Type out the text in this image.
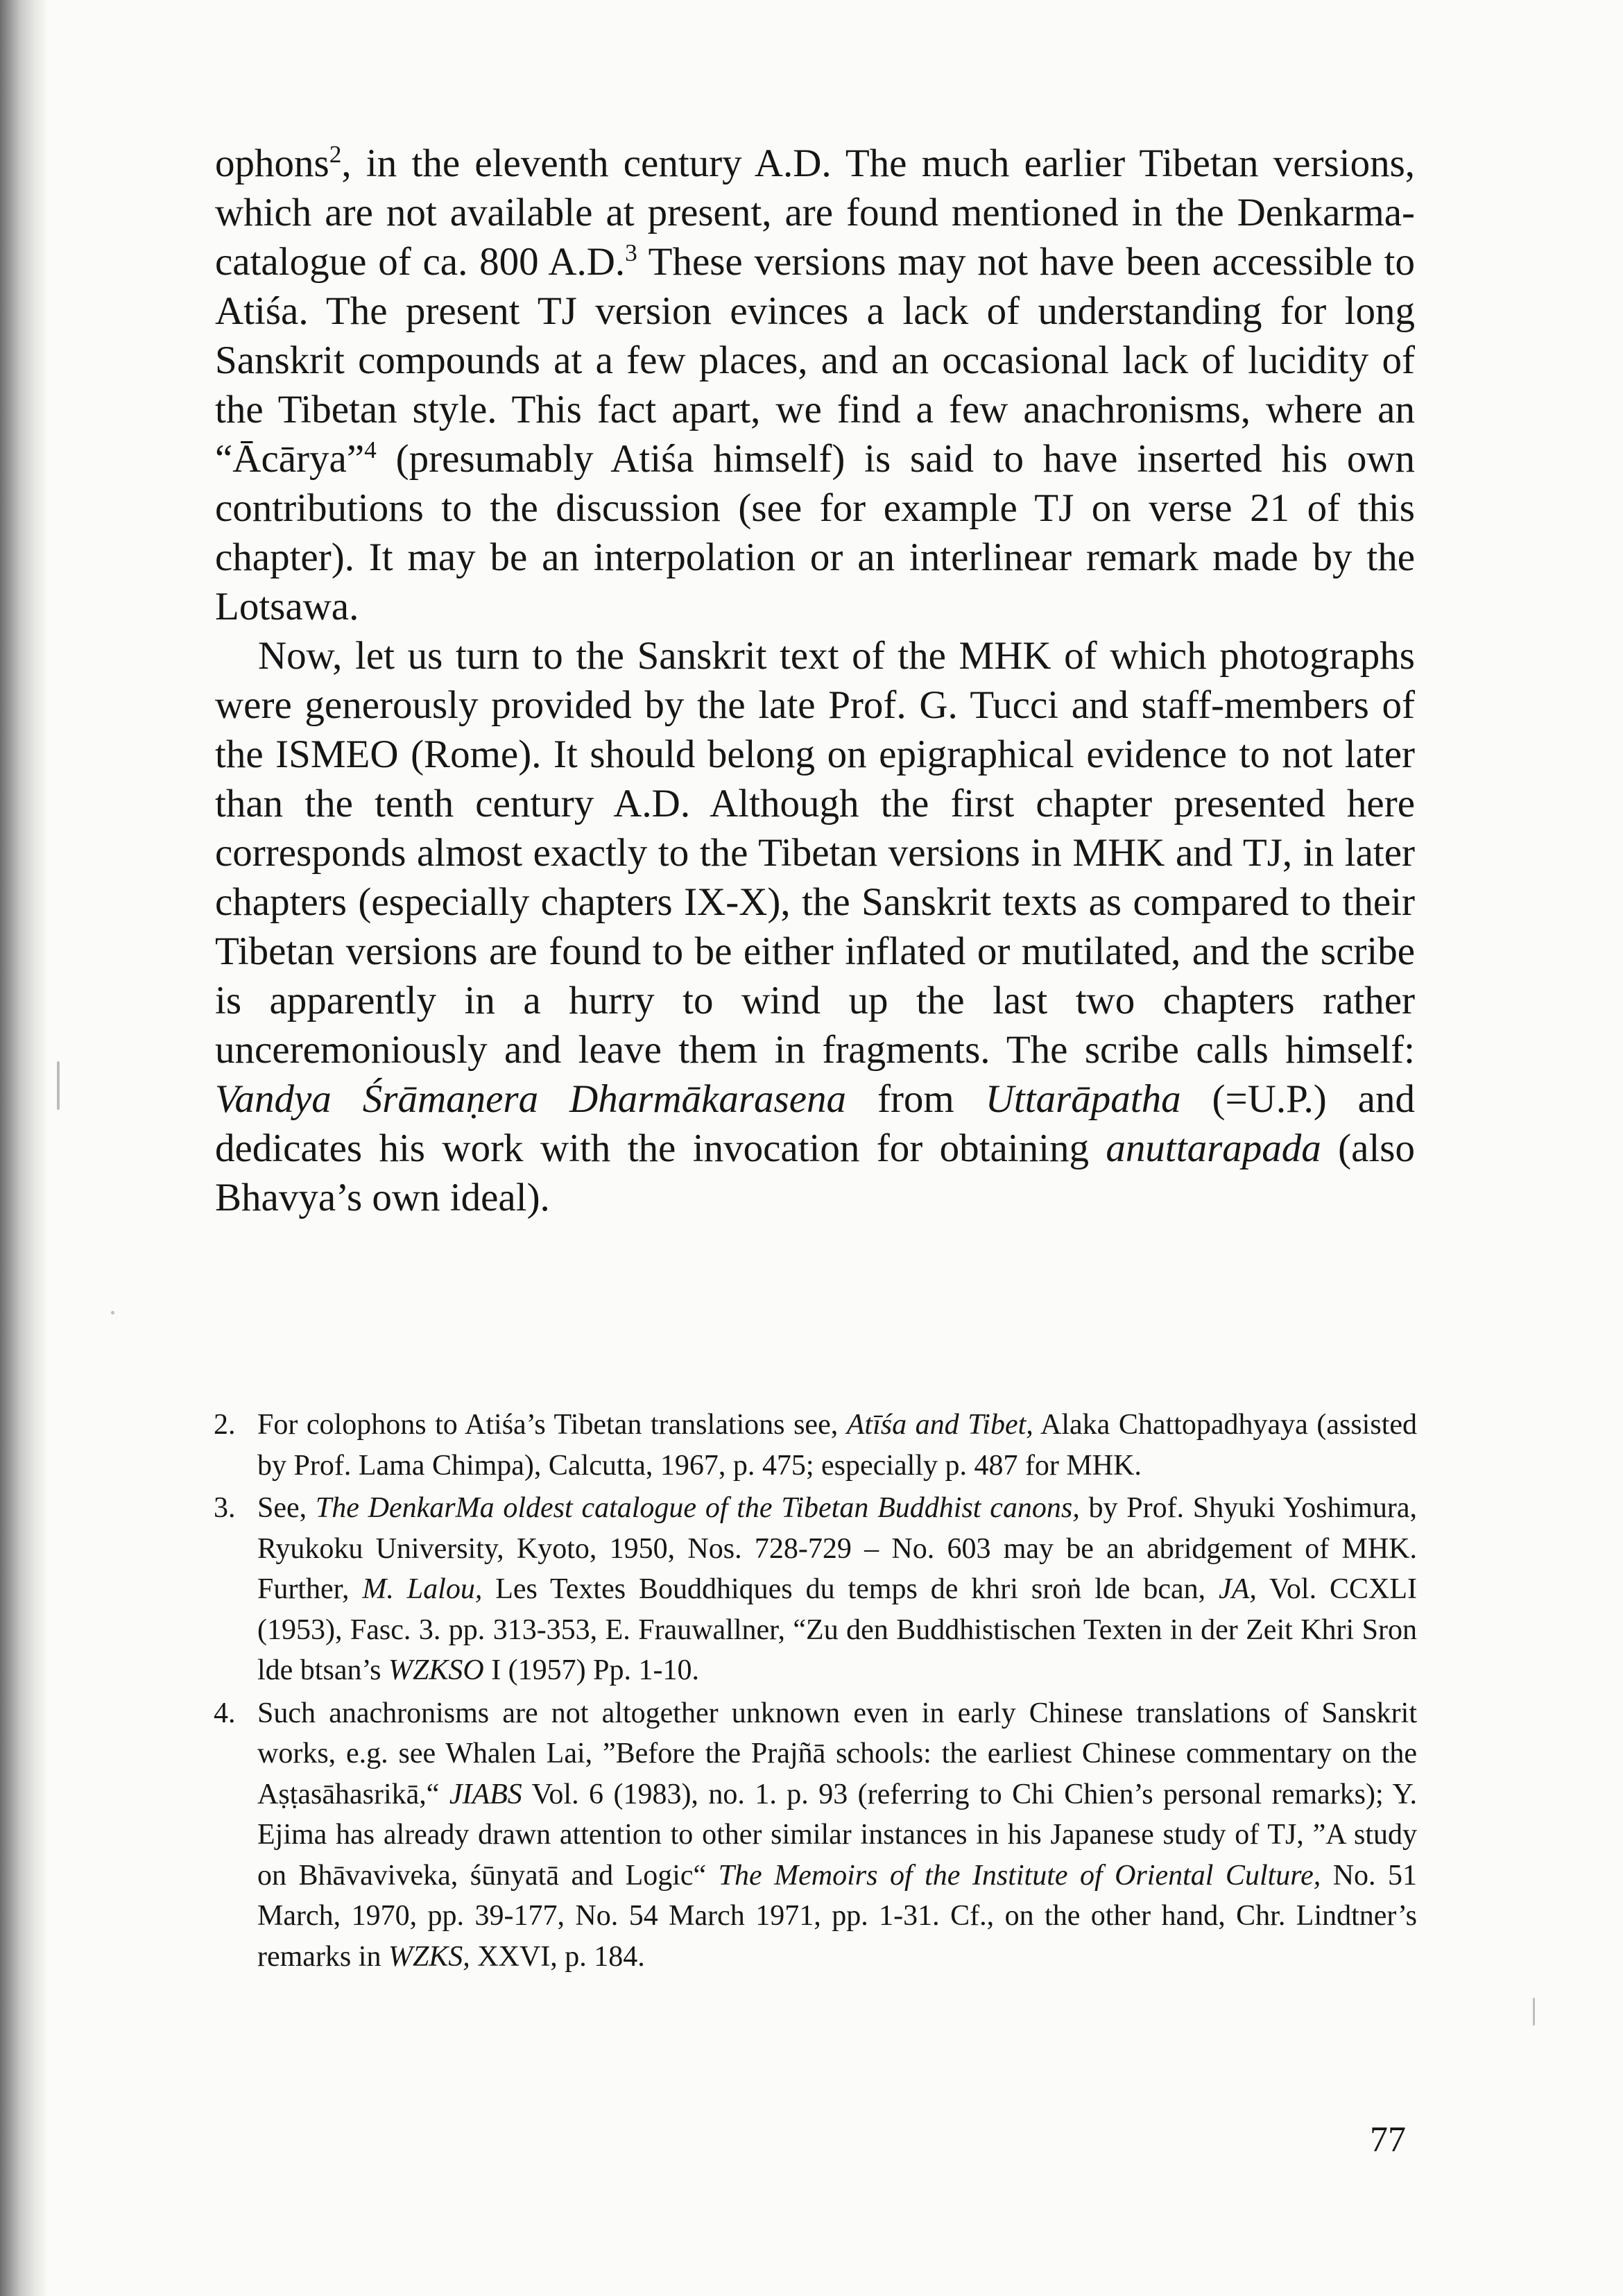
ophons$^2$, in the eleventh century A.D. The much earlier Tibetan versions, which are not available at present, are found mentioned in the Denkarma-catalogue of ca. 800 A.D.$^3$ These versions may not have been accessible to Atiśa. The present TJ version evinces a lack of understanding for long Sanskrit compounds at a few places, and an occasional lack of lucidity of the Tibetan style. This fact apart, we find a few anachronisms, where an “Ācārya”$^4$ (presumably Atiśa himself) is said to have inserted his own contributions to the discussion (see for example TJ on verse 21 of this chapter). It may be an interpolation or an interlinear remark made by the Lotsawa.

Now, let us turn to the Sanskrit text of the MHK of which photographs were generously provided by the late Prof. G. Tucci and staff-members of the ISMEO (Rome). It should belong on epigraphical evidence to not later than the tenth century A.D. Although the first chapter presented here corresponds almost exactly to the Tibetan versions in MHK and TJ, in later chapters (especially chapters IX-X), the Sanskrit texts as compared to their Tibetan versions are found to be either inflated or mutilated, and the scribe is apparently in a hurry to wind up the last two chapters rather unceremoniously and leave them in fragments. The scribe calls himself: Vandya Śrāmaṇera Dharmākarasena from Uttarāpatha (=U.P.) and dedicates his work with the invocation for obtaining anuttarapada (also Bhavya’s own ideal).

2. For colophons to Atiśa’s Tibetan translations see, Atīśa and Tibet, Alaka Chattopadhyaya (assisted by Prof. Lama Chimpa), Calcutta, 1967, p. 475; especially p. 487 for MHK.
3. See, The DenkarMa oldest catalogue of the Tibetan Buddhist canons, by Prof. Shyuki Yoshimura, Ryukoku University, Kyoto, 1950, Nos. 728-729 – No. 603 may be an abridgement of MHK. Further, M. Lalou, Les Textes Bouddhiques du temps de khri sroṅ lde bcan, JA, Vol. CCXLI (1953), Fasc. 3. pp. 313-353, E. Frauwallner, “Zu den Buddhistischen Texten in der Zeit Khri Sron lde btsan’s WZKSO I (1957) Pp. 1-10.
4. Such anachronisms are not altogether unknown even in early Chinese translations of Sanskrit works, e.g. see Whalen Lai, ”Before the Prajñā schools: the earliest Chinese commentary on the Aṣṭasāhasrikā,“ JIABS Vol. 6 (1983), no. 1. p. 93 (referring to Chi Chien’s personal remarks); Y. Ejima has already drawn attention to other similar instances in his Japanese study of TJ, ”A study on Bhāvaviveka, śūnyatā and Logic“ The Memoirs of the Institute of Oriental Culture, No. 51 March, 1970, pp. 39-177, No. 54 March 1971, pp. 1-31. Cf., on the other hand, Chr. Lindtner’s remarks in WZKS, XXVI, p. 184.
77
